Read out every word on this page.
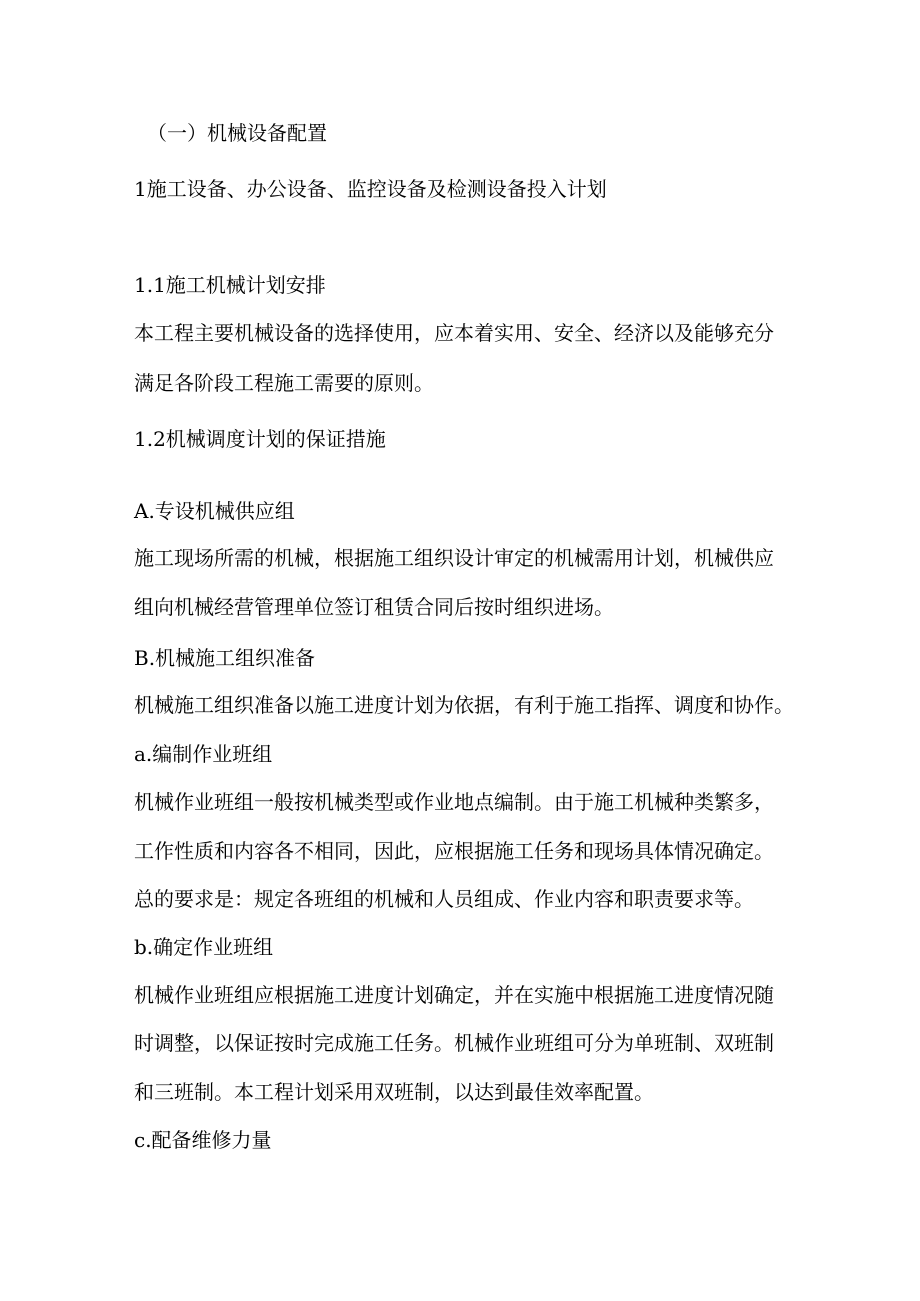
（一）机械设备配置

1施工设备、办公设备、监控设备及检测设备投入计划

1.1施工机械计划安排

本工程主要机械设备的选择使用，应本着实用、安全、经济以及能够充分

满足各阶段工程施工需要的原则。

1.2机械调度计划的保证措施

A.专设机械供应组

施工现场所需的机械，根据施工组织设计审定的机械需用计划，机械供应

组向机械经营管理单位签订租赁合同后按时组织进场。

B.机械施工组织准备

机械施工组织准备以施工进度计划为依据，有利于施工指挥、调度和协作。

a.编制作业班组

机械作业班组一般按机械类型或作业地点编制。由于施工机械种类繁多，

工作性质和内容各不相同，因此，应根据施工任务和现场具体情况确定。

总的要求是：规定各班组的机械和人员组成、作业内容和职责要求等。

b.确定作业班组

机械作业班组应根据施工进度计划确定，并在实施中根据施工进度情况随

时调整，以保证按时完成施工任务。机械作业班组可分为单班制、双班制

和三班制。本工程计划采用双班制，以达到最佳效率配置。

c.配备维修力量
